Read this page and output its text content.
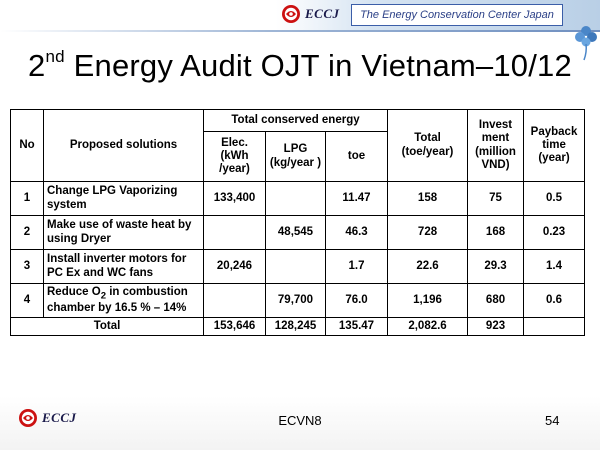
ECCJ	The Energy Conservation Center Japan
2nd Energy Audit OJT in Vietnam–10/12
No	Proposed solutions	Total conserved energy			Total (toe/year)	Invest ment (million VND)	Payback time (year)
		Elec. (kWh /year)	LPG (kg/year )	toe			
1	Change LPG Vaporizing system	133,400		11.47	158	75	0.5
2	Make use of waste heat by using Dryer		48,545	46.3	728	168	0.23
3	Install inverter motors for PC Ex and WC fans	20,246		1.7	22.6	29.3	1.4
4	Reduce $O_2$ in combustion chamber by 16.5 % – 14%		79,700	76.0	1,196	680	0.6
Total		153,646	128,245	135.47	2,082.6	923	
ECCJ	ECVN8	54
